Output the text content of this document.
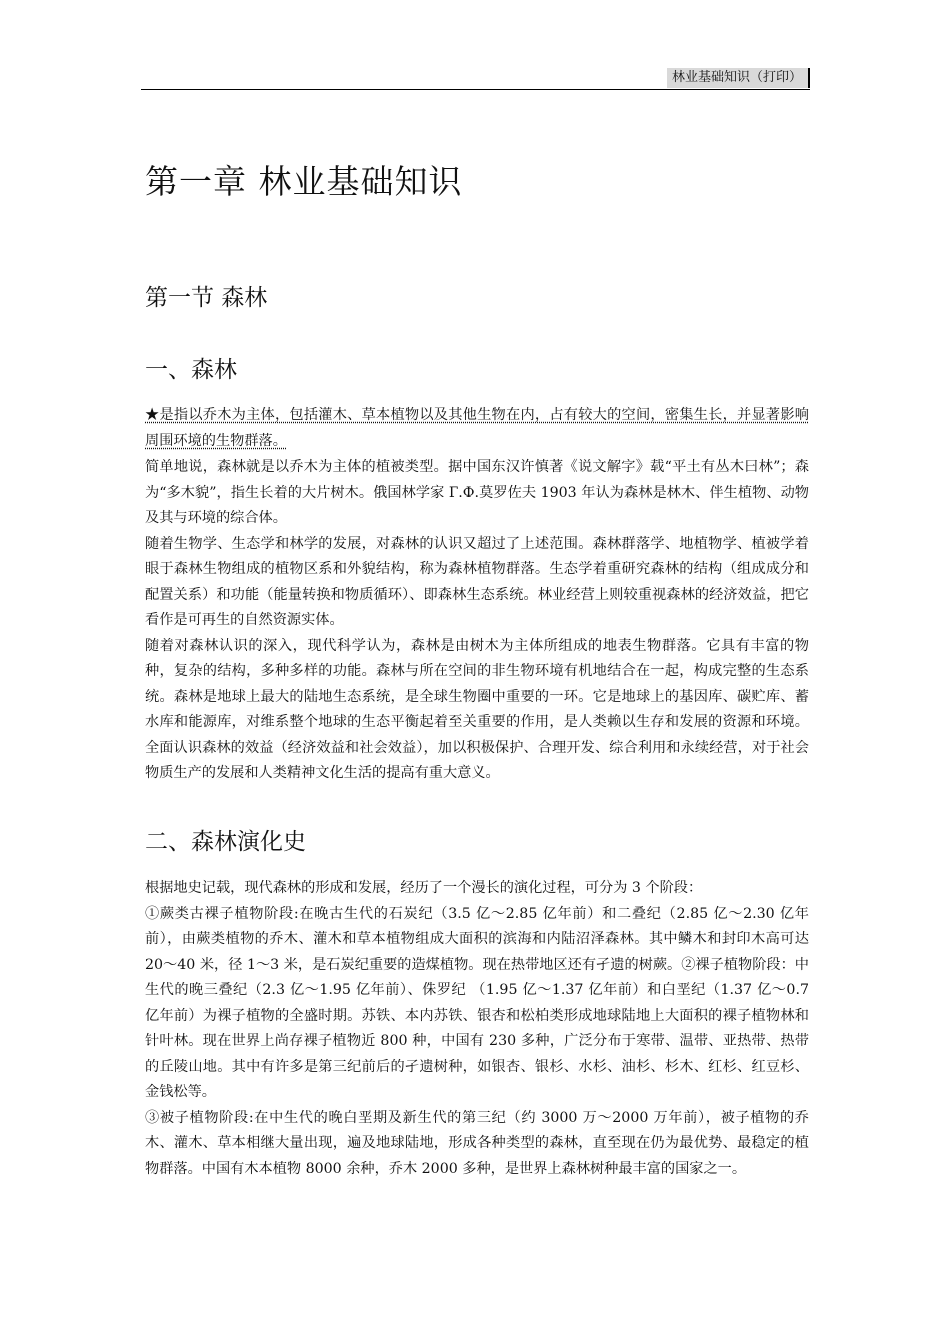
林业基础知识（打印）
第一章 林业基础知识
第一节 森林
一、森林
★是指以乔木为主体，包括灌木、草本植物以及其他生物在内，占有较大的空间，密集生长，并显著影响周围环境的生物群落。

简单地说，森林就是以乔木为主体的植被类型。据中国东汉许慎著《说文解字》载“平土有丛木曰林”；森为“多木貌”，指生长着的大片树木。俄国林学家 Г.Ф.莫罗佐夫 1903 年认为森林是林木、伴生植物、动物及其与环境的综合体。

随着生物学、生态学和林学的发展，对森林的认识又超过了上述范围。森林群落学、地植物学、植被学着眼于森林生物组成的植物区系和外貌结构，称为森林植物群落。生态学着重研究森林的结构（组成成分和配置关系）和功能（能量转换和物质循环）、即森林生态系统。林业经营上则较重视森林的经济效益，把它看作是可再生的自然资源实体。

随着对森林认识的深入，现代科学认为，森林是由树木为主体所组成的地表生物群落。它具有丰富的物种，复杂的结构，多种多样的功能。森林与所在空间的非生物环境有机地结合在一起，构成完整的生态系统。森林是地球上最大的陆地生态系统，是全球生物圈中重要的一环。它是地球上的基因库、碳贮库、蓄水库和能源库，对维系整个地球的生态平衡起着至关重要的作用，是人类赖以生存和发展的资源和环境。全面认识森林的效益（经济效益和社会效益），加以积极保护、合理开发、综合利用和永续经营，对于社会物质生产的发展和人类精神文化生活的提高有重大意义。

二、森林演化史

根据地史记载，现代森林的形成和发展，经历了一个漫长的演化过程，可分为 3 个阶段：

①蕨类古裸子植物阶段:在晚古生代的石炭纪（3.5 亿～2.85 亿年前）和二叠纪（2.85 亿～2.30 亿年前），由蕨类植物的乔木、灌木和草本植物组成大面积的滨海和内陆沼泽森林。其中鳞木和封印木高可达 20～40 米，径 1～3 米，是石炭纪重要的造煤植物。现在热带地区还有孑遗的树蕨。②裸子植物阶段：中生代的晚三叠纪（2.3 亿～1.95 亿年前）、侏罗纪 （1.95 亿～1.37 亿年前）和白垩纪（1.37 亿～0.7 亿年前）为裸子植物的全盛时期。苏铁、本内苏铁、银杏和松柏类形成地球陆地上大面积的裸子植物林和针叶林。现在世界上尚存裸子植物近 800 种，中国有 230 多种，广泛分布于寒带、温带、亚热带、热带的丘陵山地。其中有许多是第三纪前后的孑遗树种，如银杏、银杉、水杉、油杉、杉木、红杉、红豆杉、金钱松等。

③被子植物阶段:在中生代的晚白垩期及新生代的第三纪（约 3000 万～2000 万年前），被子植物的乔木、灌木、草本相继大量出现，遍及地球陆地，形成各种类型的森林，直至现在仍为最优势、最稳定的植物群落。中国有木本植物 8000 余种，乔木 2000 多种，是世界上森林树种最丰富的国家之一。
